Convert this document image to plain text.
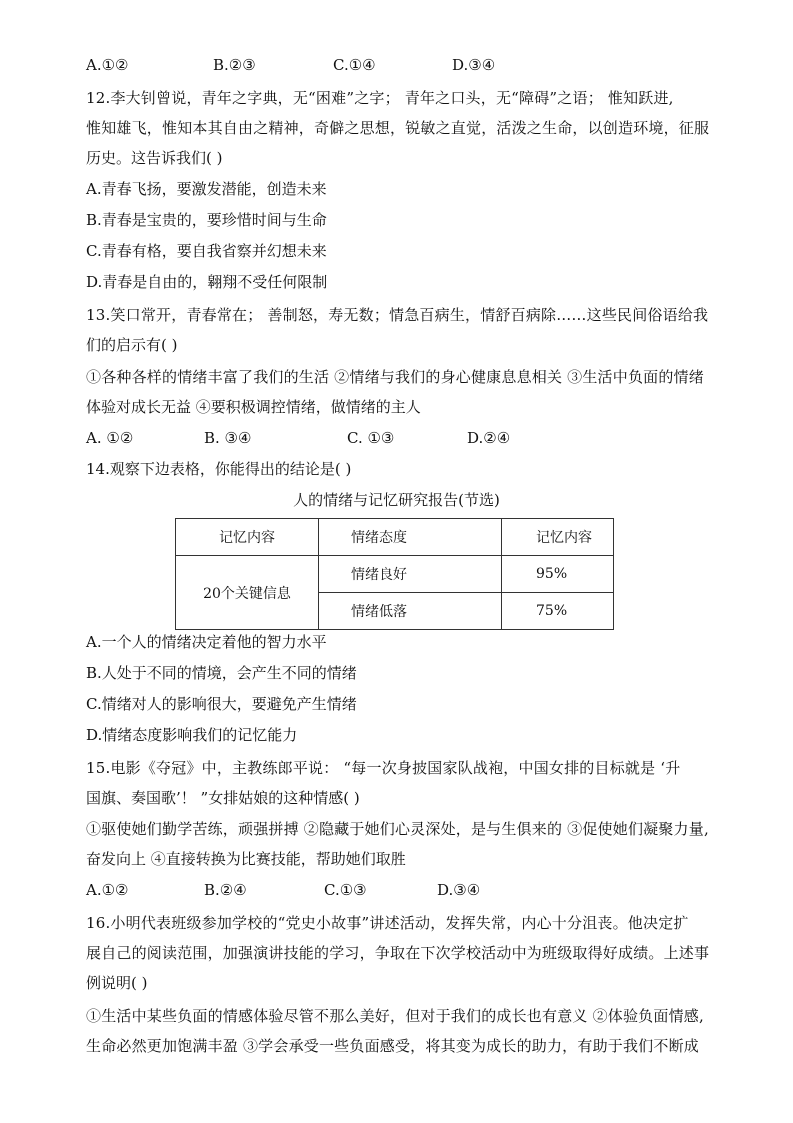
A.①②	B.②③	C.①④	D.③④
12.李大钊曾说，青年之字典，无“困难”之字； 青年之口头，无“障碍”之语； 惟知跃进,
惟知雄飞，惟知本其自由之精神，奇僻之思想，锐敏之直觉，活泼之生命，以创造环境，征服
历史。这告诉我们( )
A.青春飞扬，要激发潜能，创造未来
B.青春是宝贵的，要珍惜时间与生命
C.青春有格，要自我省察并幻想未来
D.青春是自由的，翱翔不受任何限制
13.笑口常开，青春常在； 善制怒，寿无数；情急百病生，情舒百病除……这些民间俗语给我
们的启示有( )
①各种各样的情绪丰富了我们的生活 ②情绪与我们的身心健康息息相关 ③生活中负面的情绪
体验对成长无益 ④要积极调控情绪，做情绪的主人
A. ①②	B. ③④	C. ①③	D.②④
14.观察下边表格，你能得出的结论是( )
人的情绪与记忆研究报告(节选)
记忆内容	情绪态度	记忆内容
20个关键信息	情绪良好	95%
	情绪低落	75%
A.一个人的情绪决定着他的智力水平
B.人处于不同的情境，会产生不同的情绪
C.情绪对人的影响很大，要避免产生情绪
D.情绪态度影响我们的记忆能力
15.电影《夺冠》中，主教练郎平说： “每一次身披国家队战袍，中国女排的目标就是 ‘升
国旗、奏国歌’！ ”女排姑娘的这种情感( )
①驱使她们勤学苦练，顽强拼搏 ②隐藏于她们心灵深处，是与生俱来的 ③促使她们凝聚力量,
奋发向上 ④直接转换为比赛技能，帮助她们取胜
A.①②	B.②④	C.①③	D.③④
16.小明代表班级参加学校的“党史小故事”讲述活动，发挥失常，内心十分沮丧。他决定扩
展自己的阅读范围，加强演讲技能的学习，争取在下次学校活动中为班级取得好成绩。上述事
例说明( )
①生活中某些负面的情感体验尽管不那么美好，但对于我们的成长也有意义 ②体验负面情感,
生命必然更加饱满丰盈 ③学会承受一些负面感受，将其变为成长的助力，有助于我们不断成
